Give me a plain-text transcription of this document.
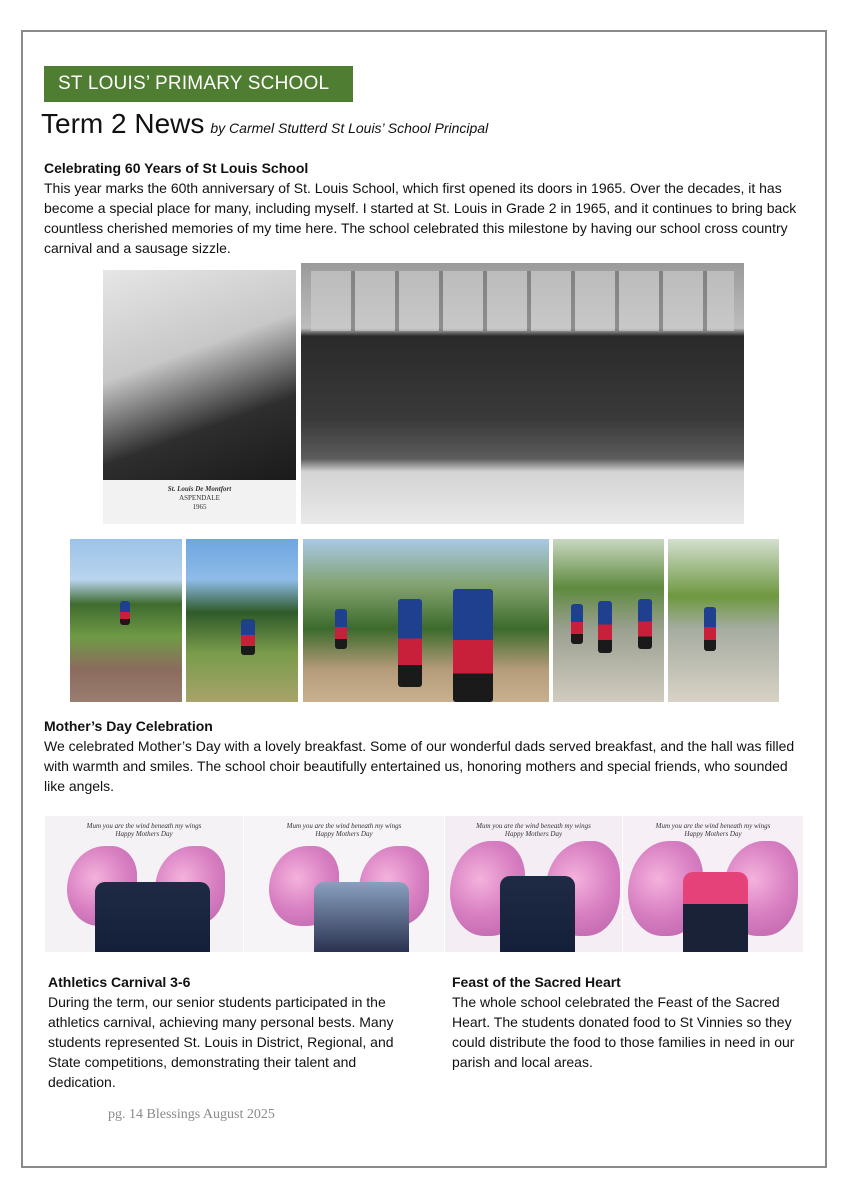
ST LOUIS’ PRIMARY SCHOOL
Term 2 News by Carmel Stutterd St Louis’ School Principal
Celebrating 60 Years of St Louis School
This year marks the 60th anniversary of St. Louis School, which first opened its doors in 1965. Over the decades, it has become a special place for many, including myself. I started at St. Louis in Grade 2 in 1965, and it continues to bring back countless cherished memories of my time here. The school celebrated this milestone by having our school cross country carnival and a sausage sizzle.
St. Louis De Montfort
ASPENDALE
1965
Mother’s Day Celebration
We celebrated Mother’s Day with a lovely breakfast. Some of our wonderful dads served breakfast, and the hall was filled with warmth and smiles. The school choir beautifully entertained us, honoring mothers and special friends, who sounded like angels.
Mum you are the wind beneath my wings
Happy Mothers Day
Mum you are the wind beneath my wings
Happy Mothers Day
Mum you are the wind beneath my wings
Happy Mothers Day
Mum you are the wind beneath my wings
Happy Mothers Day
Athletics Carnival 3-6
During the term, our senior students participated in the athletics carnival, achieving many personal bests. Many students represented St. Louis in District, Regional, and State competitions, demonstrating their talent and dedication.
Feast of the Sacred Heart
The whole school celebrated the Feast of the Sacred Heart. The students donated food to St Vinnies so they could distribute the food to those families in need in our parish and local areas.
pg. 14 Blessings August 2025
